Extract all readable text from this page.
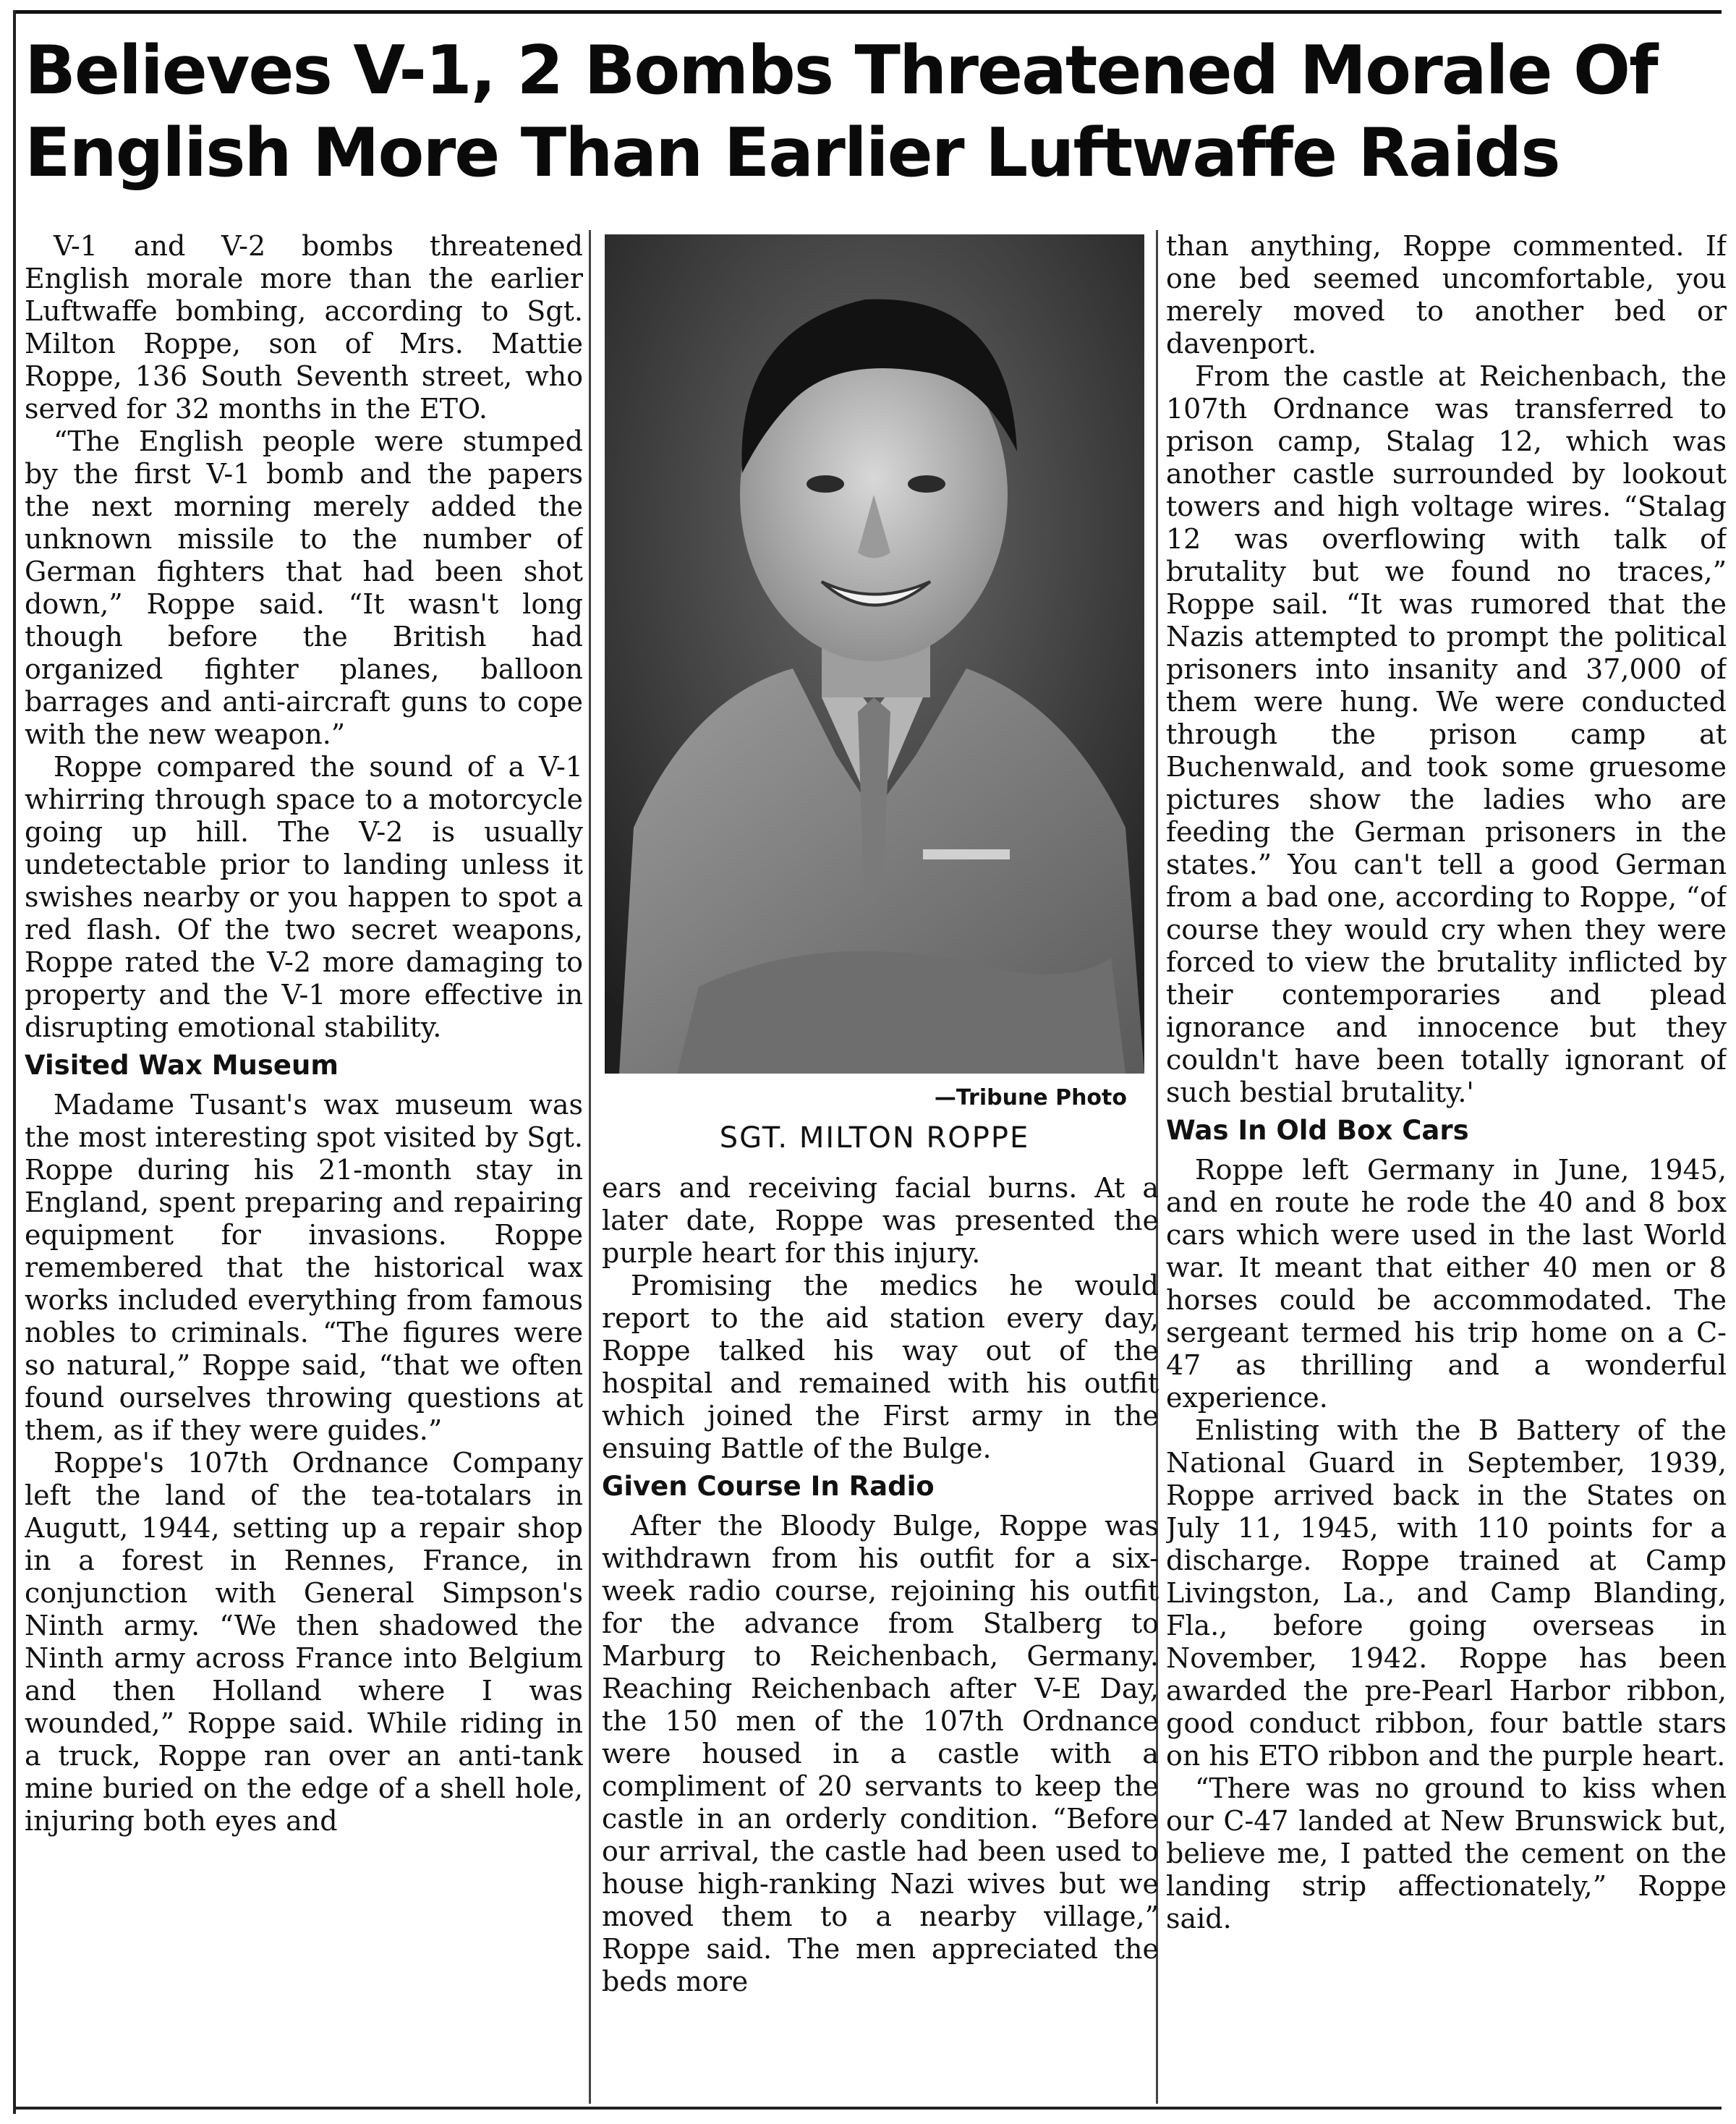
Believes V-1, 2 Bombs Threatened Morale Of English More Than Earlier Luftwaffe Raids

V-1 and V-2 bombs threatened English morale more than the earlier Luftwaffe bombing, according to Sgt. Milton Roppe, son of Mrs. Mattie Roppe, 136 South Seventh street, who served for 32 months in the ETO.

“The English people were stumped by the first V-1 bomb and the papers the next morning merely added the unknown missile to the number of German fighters that had been shot down,” Roppe said. “It wasn't long though before the British had organized fighter planes, balloon barrages and anti-aircraft guns to cope with the new weapon.”

Roppe compared the sound of a V-1 whirring through space to a motorcycle going up hill. The V-2 is usually undetectable prior to landing unless it swishes nearby or you happen to spot a red flash. Of the two secret weapons, Roppe rated the V-2 more damaging to property and the V-1 more effective in disrupting emotional stability.

Visited Wax Museum

Madame Tusant's wax museum was the most interesting spot visited by Sgt. Roppe during his 21-month stay in England, spent preparing and repairing equipment for invasions. Roppe remembered that the historical wax works included everything from famous nobles to criminals. “The figures were so natural,” Roppe said, “that we often found ourselves throwing questions at them, as if they were guides.”

Roppe's 107th Ordnance Company left the land of the tea-totalars in Augutt, 1944, setting up a repair shop in a forest in Rennes, France, in conjunction with General Simpson's Ninth army. “We then shadowed the Ninth army across France into Belgium and then Holland where I was wounded,” Roppe said. While riding in a truck, Roppe ran over an anti-tank mine buried on the edge of a shell hole, injuring both eyes and

—Tribune Photo
SGT. MILTON ROPPE

ears and receiving facial burns. At a later date, Roppe was presented the purple heart for this injury.

Promising the medics he would report to the aid station every day, Roppe talked his way out of the hospital and remained with his outfit which joined the First army in the ensuing Battle of the Bulge.

Given Course In Radio

After the Bloody Bulge, Roppe was withdrawn from his outfit for a six-week radio course, rejoining his outfit for the advance from Stalberg to Marburg to Reichenbach, Germany. Reaching Reichenbach after V-E Day, the 150 men of the 107th Ordnance were housed in a castle with a compliment of 20 servants to keep the castle in an orderly condition. “Before our arrival, the castle had been used to house high-ranking Nazi wives but we moved them to a nearby village,” Roppe said. The men appreciated the beds more

than anything, Roppe commented. If one bed seemed uncomfortable, you merely moved to another bed or davenport.

From the castle at Reichenbach, the 107th Ordnance was transferred to prison camp, Stalag 12, which was another castle surrounded by lookout towers and high voltage wires. “Stalag 12 was overflowing with talk of brutality but we found no traces,” Roppe sail. “It was rumored that the Nazis attempted to prompt the political prisoners into insanity and 37,000 of them were hung. We were conducted through the prison camp at Buchenwald, and took some gruesome pictures show the ladies who are feeding the German prisoners in the states.” You can't tell a good German from a bad one, according to Roppe, “of course they would cry when they were forced to view the brutality inflicted by their contemporaries and plead ignorance and innocence but they couldn't have been totally ignorant of such bestial brutality.'

Was In Old Box Cars

Roppe left Germany in June, 1945, and en route he rode the 40 and 8 box cars which were used in the last World war. It meant that either 40 men or 8 horses could be accommodated. The sergeant termed his trip home on a C-47 as thrilling and a wonderful experience.

Enlisting with the B Battery of the National Guard in September, 1939, Roppe arrived back in the States on July 11, 1945, with 110 points for a discharge. Roppe trained at Camp Livingston, La., and Camp Blanding, Fla., before going overseas in November, 1942. Roppe has been awarded the pre-Pearl Harbor ribbon, good conduct ribbon, four battle stars on his ETO ribbon and the purple heart.

“There was no ground to kiss when our C-47 landed at New Brunswick but, believe me, I patted the cement on the landing strip affectionately,” Roppe said.
